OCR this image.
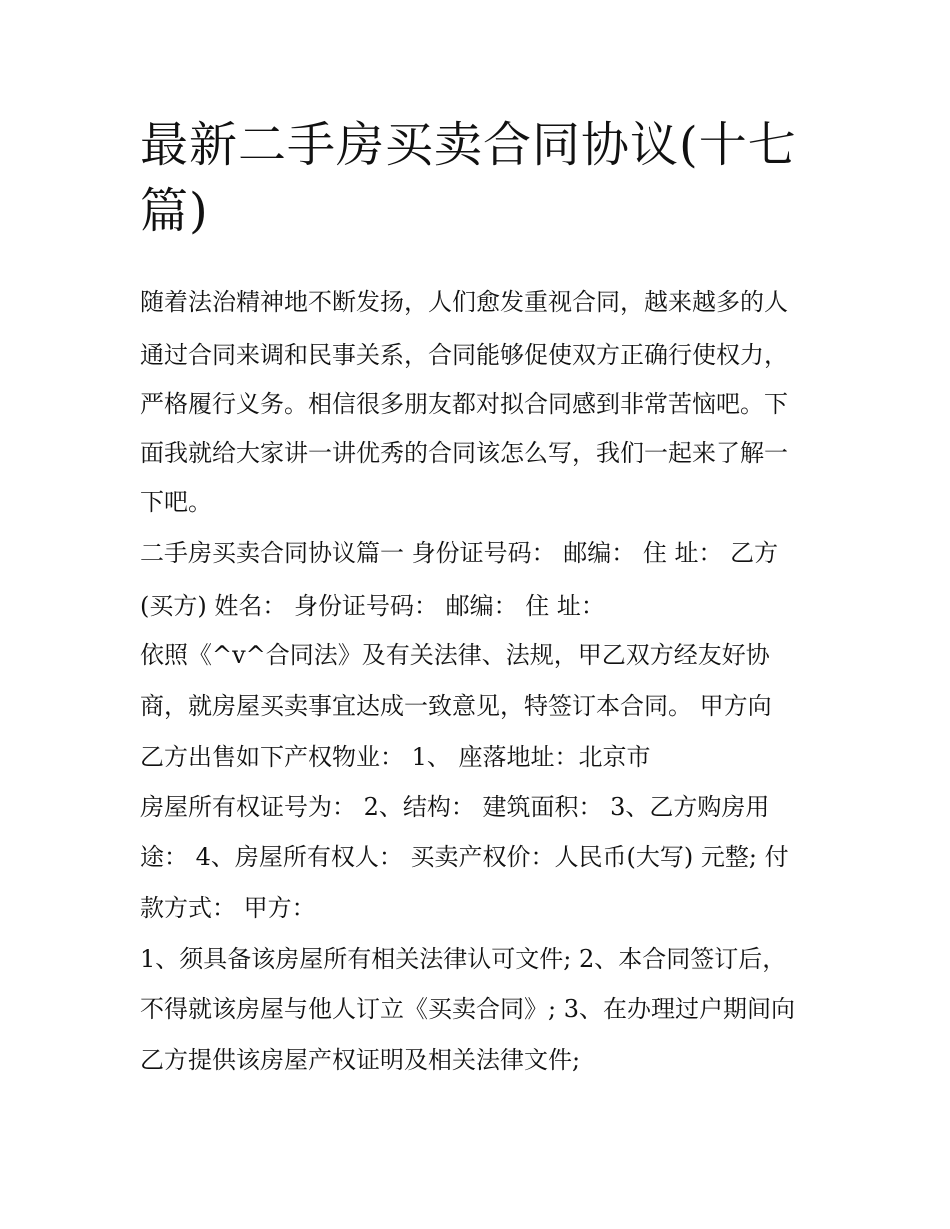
最新二手房买卖合同协议(十七
篇)

随着法治精神地不断发扬，人们愈发重视合同，越来越多的人

通过合同来调和民事关系，合同能够促使双方正确行使权力，

严格履行义务。相信很多朋友都对拟合同感到非常苦恼吧。下

面我就给大家讲一讲优秀的合同该怎么写，我们一起来了解一

下吧。

二手房买卖合同协议篇一 身份证号码： 邮编： 住 址： 乙方

(买方) 姓名： 身份证号码： 邮编： 住 址：

依照《^v^合同法》及有关法律、法规，甲乙双方经友好协

商，就房屋买卖事宜达成一致意见，特签订本合同。 甲方向

乙方出售如下产权物业： 1、 座落地址：北京市

房屋所有权证号为： 2、结构： 建筑面积： 3、乙方购房用

途： 4、房屋所有权人： 买卖产权价：人民币(大写) 元整; 付

款方式： 甲方：

1、须具备该房屋所有相关法律认可文件; 2、本合同签订后，

不得就该房屋与他人订立《买卖合同》; 3、在办理过户期间向

乙方提供该房屋产权证明及相关法律文件;
